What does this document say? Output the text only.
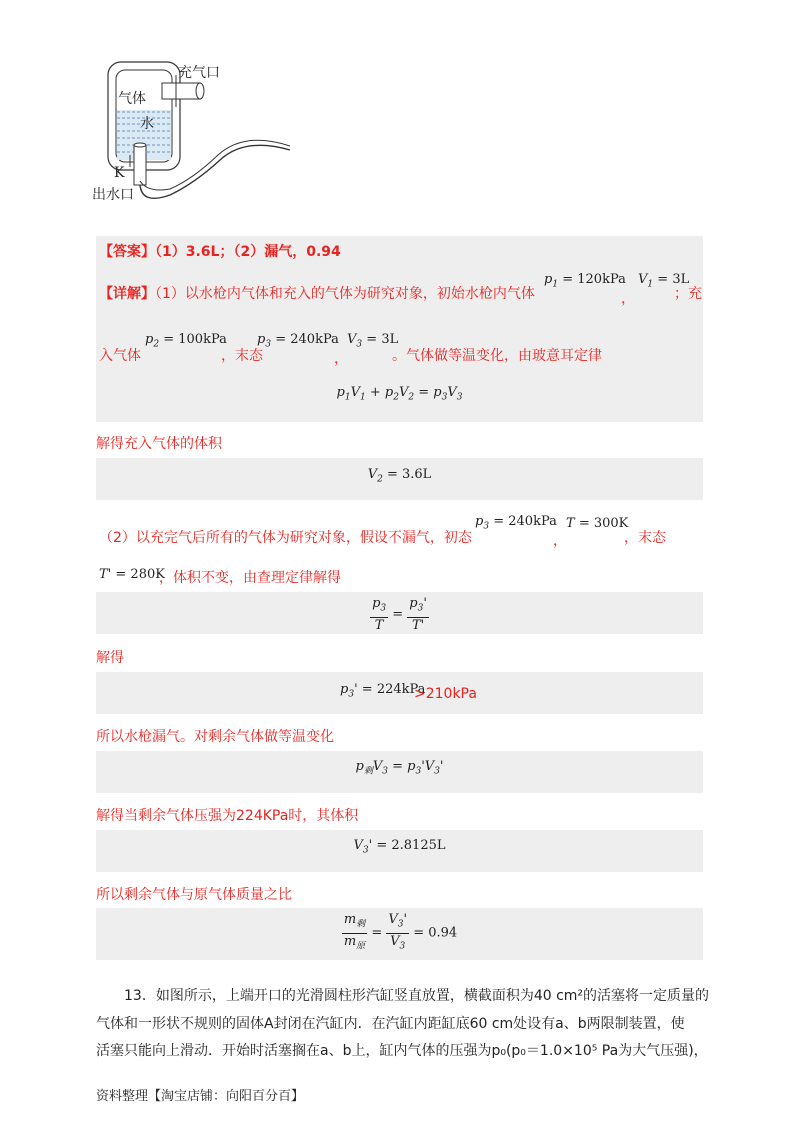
充气口
气体
水
K
出水口
【答案】（1）3.6L；（2）漏气，0.94
【详解】（1）以水枪内气体和充入的气体为研究对象，初始水枪内气体
$p_1 = 120kPa$
，
$V_1 = 3L$
；充
入气体
$p_2 = 100kPa$
，末态
$p_3 = 240kPa$
，
$V_3 = 3L$
。气体做等温变化，由玻意耳定律
$p_1V_1 + p_2V_2 = p_3V_3$
解得充入气体的体积
$V_2 = 3.6L$
（2）以充完气后所有的气体为研究对象，假设不漏气，初态
$p_3 = 240kPa$
，
T = 300K
，末态
T' = 280K
，体积不变，由查理定律解得
$\frac{p_3}{T} = \frac{p_3'}{T'}$
解得
$p_3' = 224kPa$
>210kPa
所以水枪漏气。对剩余气体做等温变化
$p_剩V_3 = p_3'V_3'$
解得当剩余气体压强为224KPa时，其体积
$V_3' = 2.8125L$
所以剩余气体与原气体质量之比
$\frac{m_剩}{m_原} = \frac{V_3'}{V_3} = 0.94$
13．如图所示，上端开口的光滑圆柱形汽缸竖直放置，横截面积为40 cm²的活塞将一定质量的
气体和一形状不规则的固体A封闭在汽缸内．在汽缸内距缸底60 cm处设有a、b两限制装置，使
活塞只能向上滑动．开始时活塞搁在a、b上，缸内气体的压强为p₀(p₀＝1.0×10⁵ Pa为大气压强)，
资料整理【淘宝店铺：向阳百分百】
